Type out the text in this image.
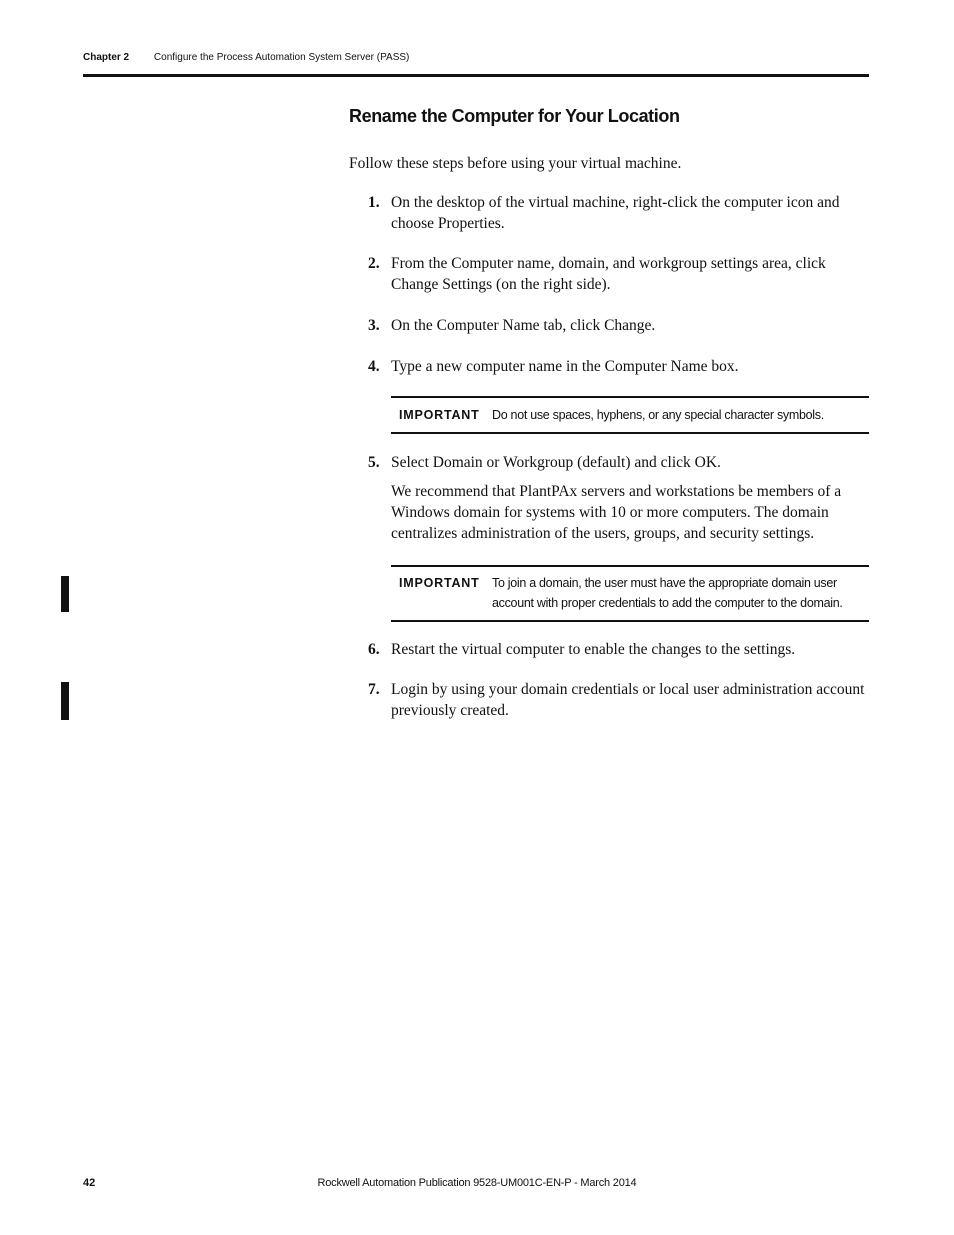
Chapter 2 Configure the Process Automation System Server (PASS)
Rename the Computer for Your Location

Follow these steps before using your virtual machine.

1. On the desktop of the virtual machine, right-click the computer icon and choose Properties.
2. From the Computer name, domain, and workgroup settings area, click Change Settings (on the right side).
3. On the Computer Name tab, click Change.
4. Type a new computer name in the Computer Name box.
IMPORTANT Do not use spaces, hyphens, or any special character symbols.
5. Select Domain or Workgroup (default) and click OK.
We recommend that PlantPAx servers and workstations be members of a Windows domain for systems with 10 or more computers. The domain centralizes administration of the users, groups, and security settings.
IMPORTANT To join a domain, the user must have the appropriate domain user account with proper credentials to add the computer to the domain.
6. Restart the virtual computer to enable the changes to the settings.
7. Login by using your domain credentials or local user administration account previously created.
42	Rockwell Automation Publication 9528-UM001C-EN-P - March 2014
